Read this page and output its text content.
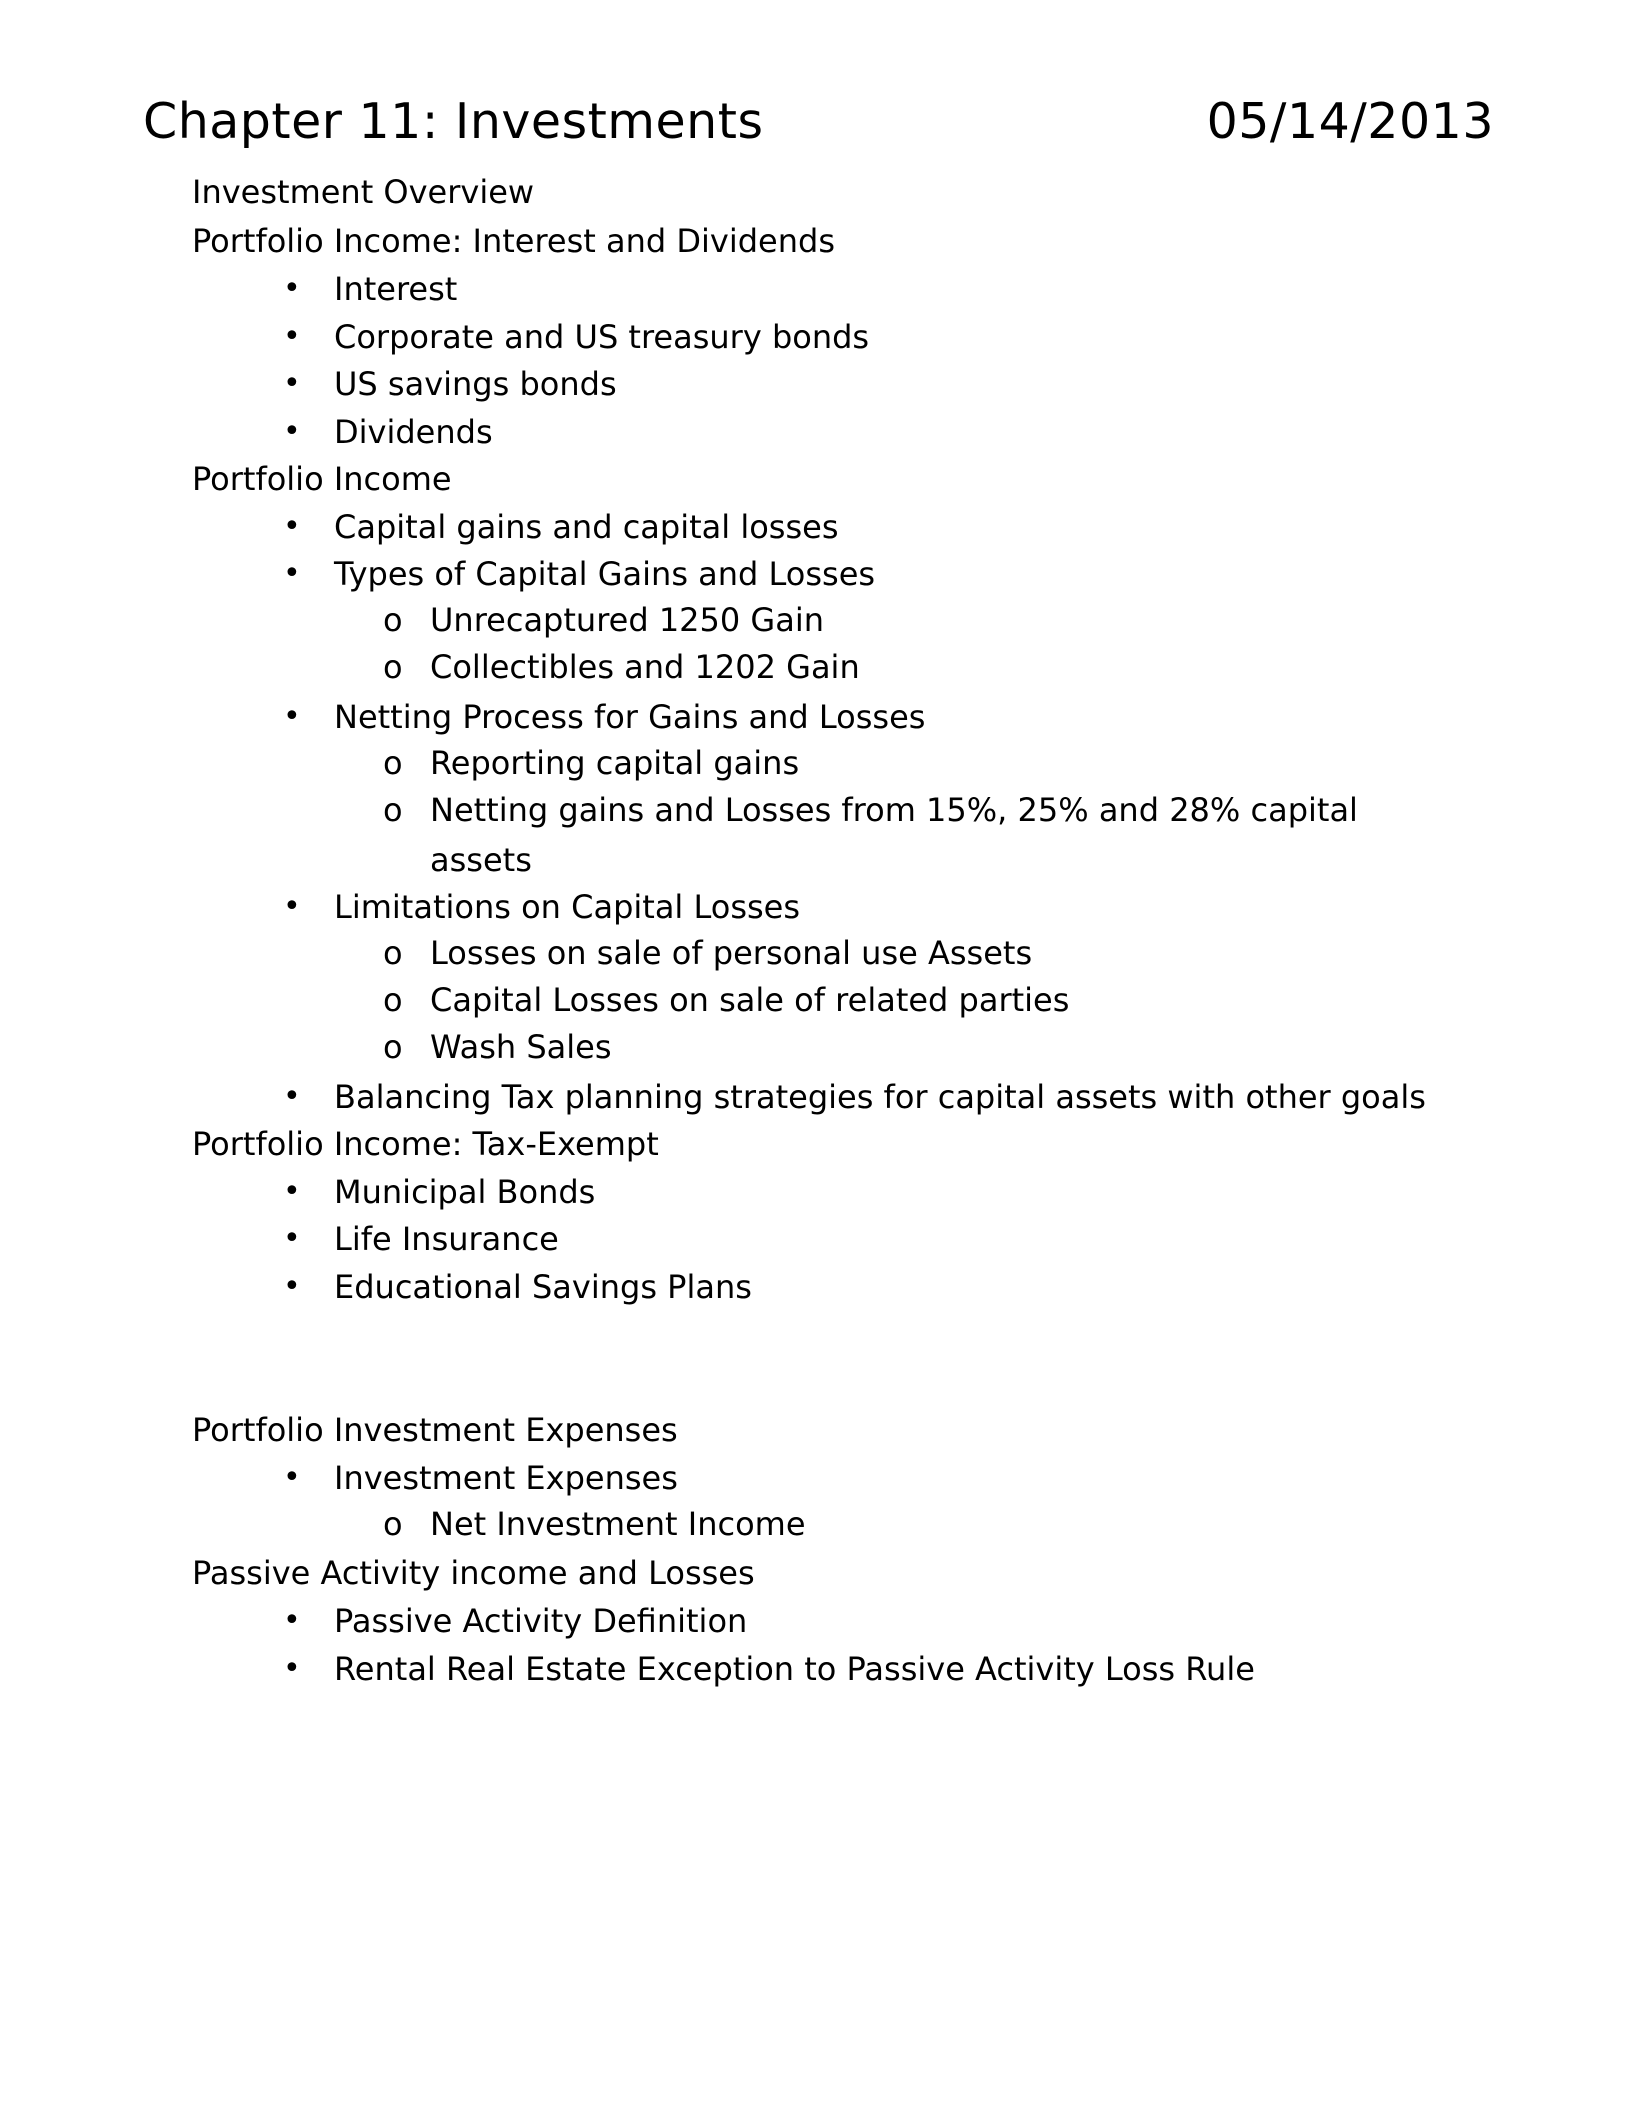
Chapter 11: Investments	05/14/2013
Investment Overview
Portfolio Income: Interest and Dividends
• Interest
• Corporate and US treasury bonds
• US savings bonds
• Dividends
Portfolio Income
• Capital gains and capital losses
• Types of Capital Gains and Losses
o Unrecaptured 1250 Gain
o Collectibles and 1202 Gain
• Netting Process for Gains and Losses
o Reporting capital gains
o Netting gains and Losses from 15%, 25% and 28% capital
assets
• Limitations on Capital Losses
o Losses on sale of personal use Assets
o Capital Losses on sale of related parties
o Wash Sales
• Balancing Tax planning strategies for capital assets with other goals
Portfolio Income: Tax-Exempt
• Municipal Bonds
• Life Insurance
• Educational Savings Plans
Portfolio Investment Expenses
• Investment Expenses
o Net Investment Income
Passive Activity income and Losses
• Passive Activity Definition
• Rental Real Estate Exception to Passive Activity Loss Rule
